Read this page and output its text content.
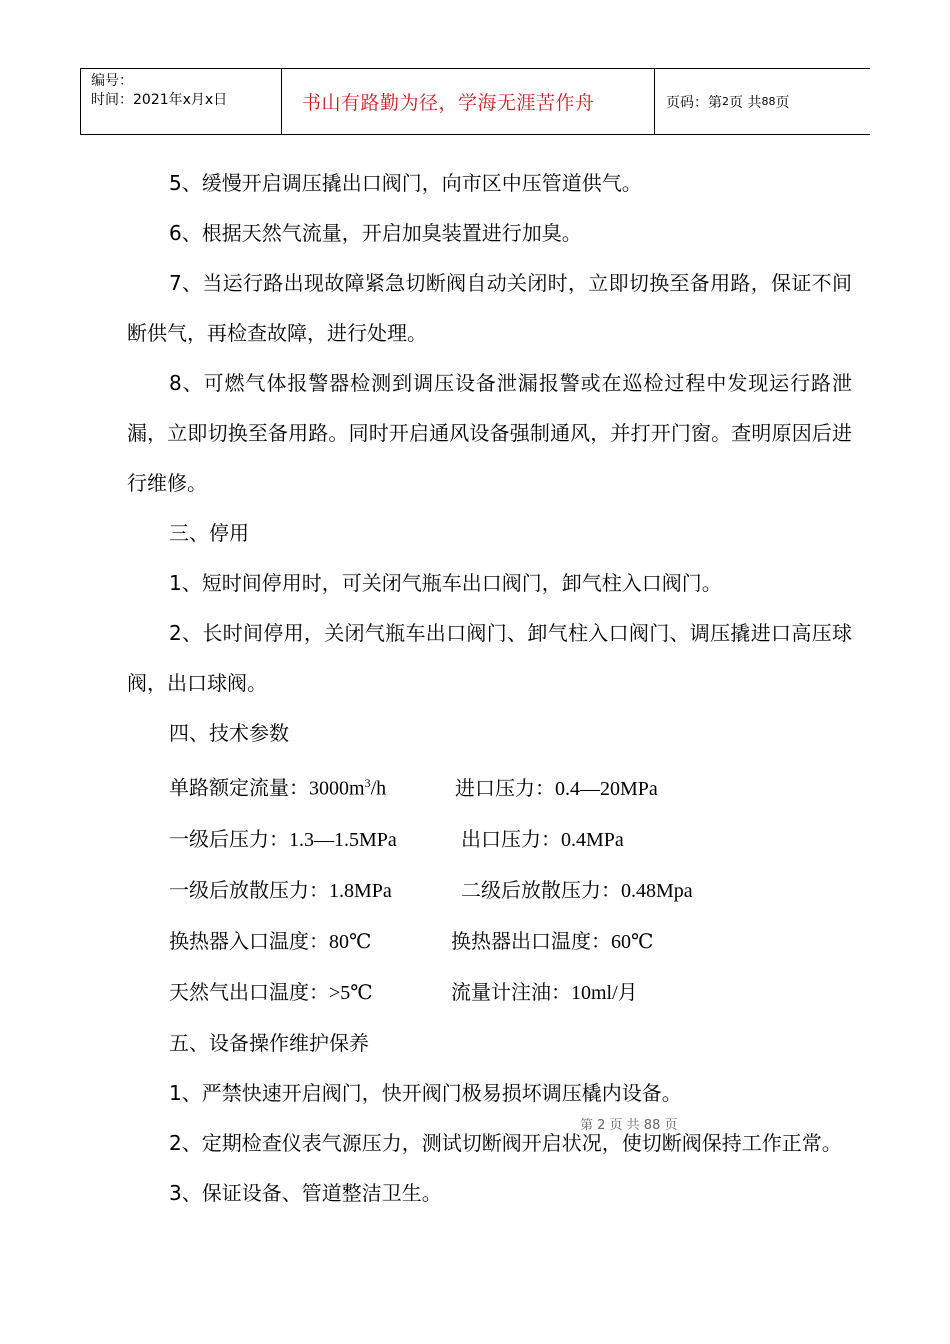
编号：
时间：2021年x月x日	书山有路勤为径，学海无涯苦作舟	页码：第 2 页 共 88 页
5、缓慢开启调压撬出口阀门，向市区中压管道供气。
6、根据天然气流量，开启加臭装置进行加臭。
7、当运行路出现故障紧急切断阀自动关闭时，立即切换至备用路，保证不间断供气，再检查故障，进行处理。
8、可燃气体报警器检测到调压设备泄漏报警或在巡检过程中发现运行路泄漏，立即切换至备用路。同时开启通风设备强制通风，并打开门窗。查明原因后进行维修。
三、停用
1、短时间停用时，可关闭气瓶车出口阀门，卸气柱入口阀门。
2、长时间停用，关闭气瓶车出口阀门、卸气柱入口阀门、调压撬进口高压球阀，出口球阀。
四、技术参数
单路额定流量：$3000m^3/h$	进口压力：0.4—20MPa
一级后压力：1.3—1.5MPa	出口压力：0.4MPa
一级后放散压力：1.8MPa	二级后放散压力：0.48Mpa
换热器入口温度：80℃	换热器出口温度：60℃
天然气出口温度：>5℃	流量计注油：10ml/月
五、设备操作维护保养
1、严禁快速开启阀门，快开阀门极易损坏调压橇内设备。
2、定期检查仪表气源压力，测试切断阀开启状况，使切断阀保持工作正常。
3、保证设备、管道整洁卫生。
第 2 页 共 88 页
